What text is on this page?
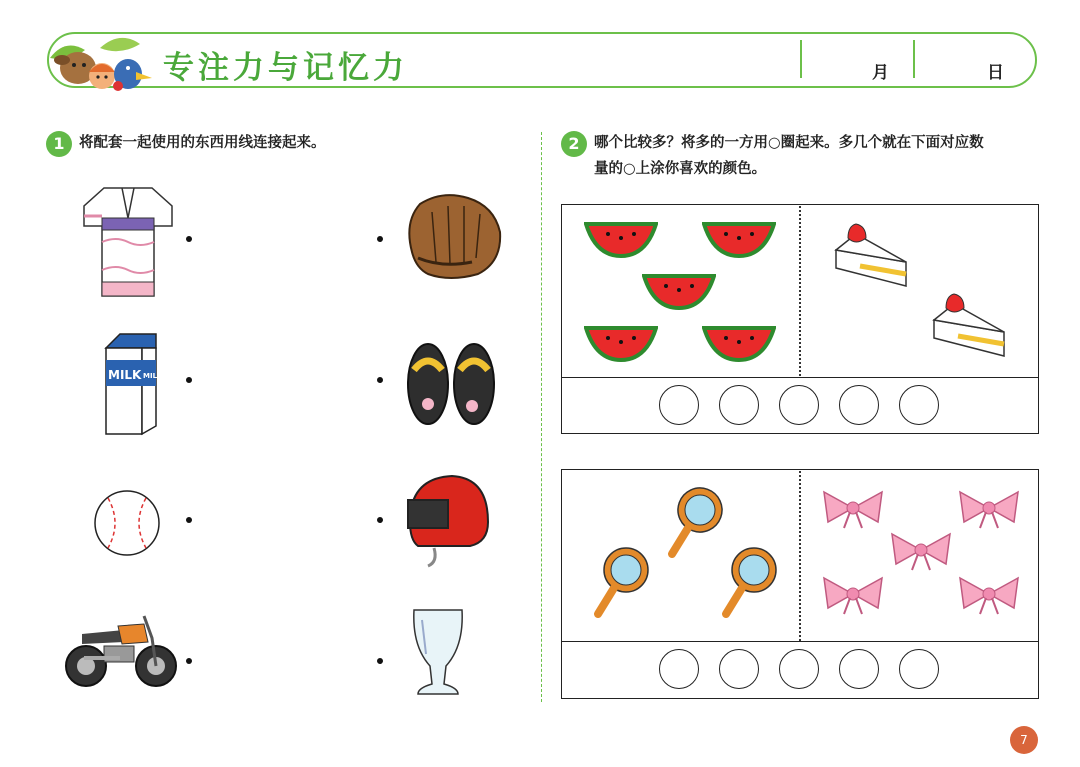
专注力与记忆力	月	日
1 将配套一起使用的东西用线连接起来。
MILK MILK
2 哪个比较多？将多的一方用○圈起来。多几个就在下面对应数
量的○上涂你喜欢的颜色。
7
